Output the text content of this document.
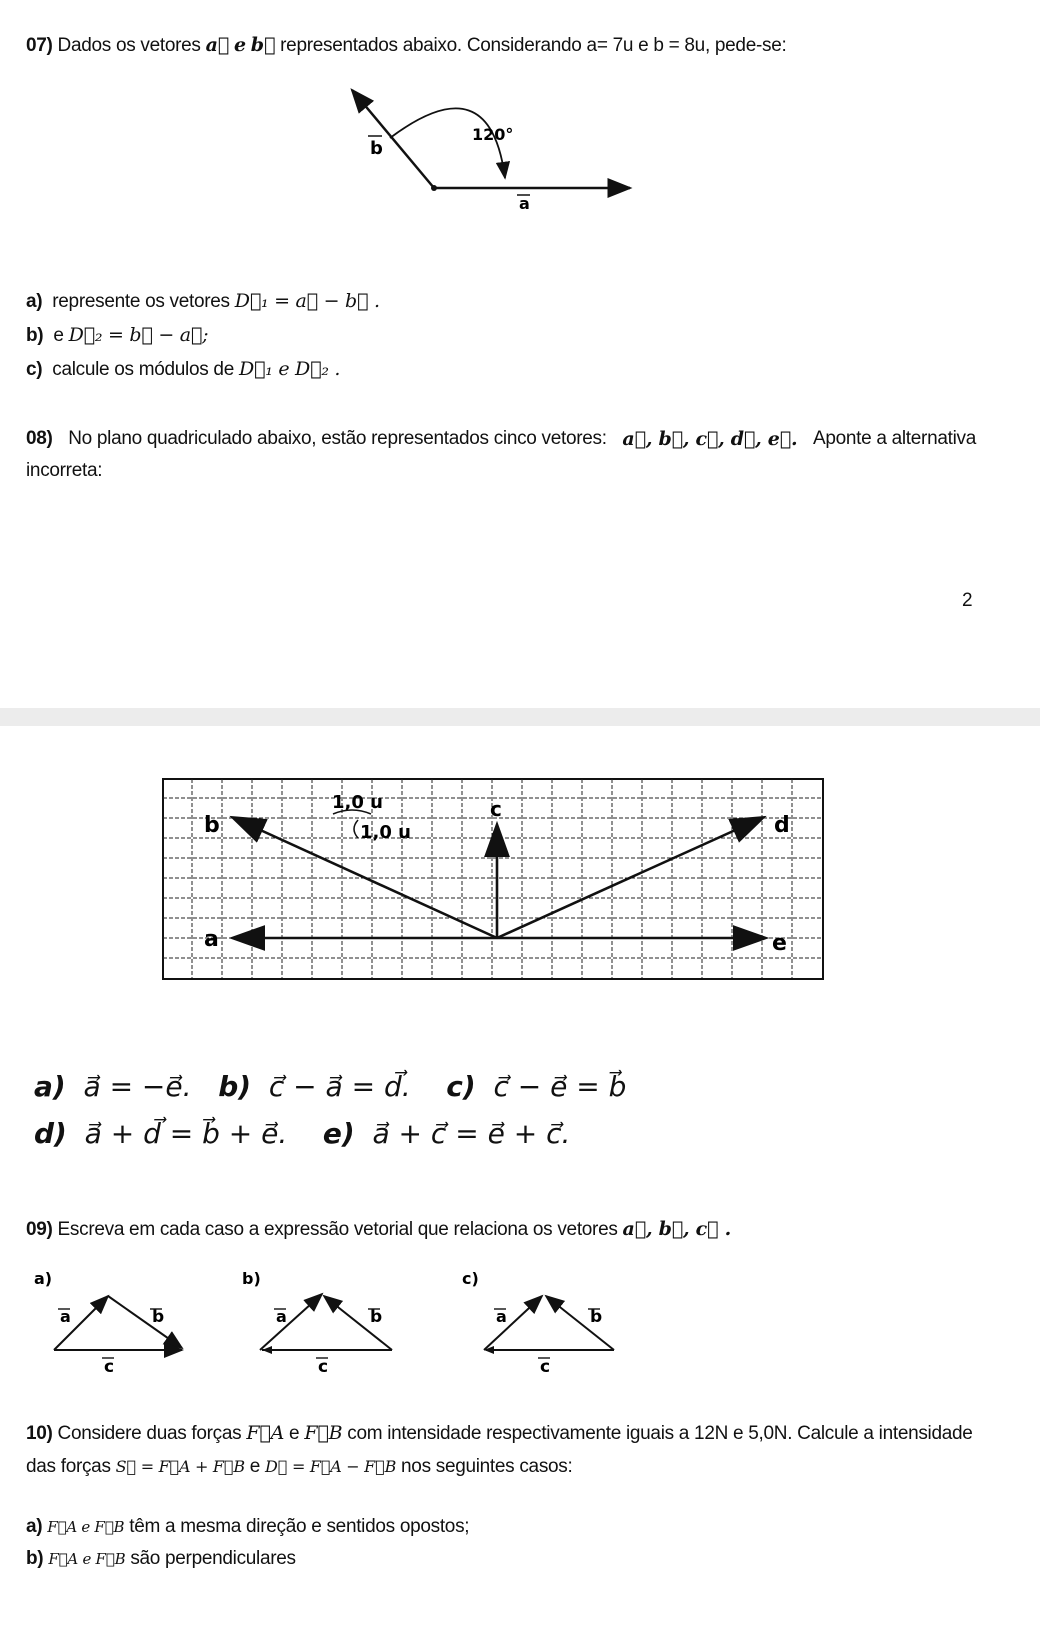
07) Dados os vetores a⃗ e b⃗ representados abaixo. Considerando a= 7u e b = 8u, pede-se:
120°
b
a
a) represente os vetores D⃗₁ = a⃗ − b⃗ .
b) e D⃗₂ = b⃗ − a⃗;
c) calcule os módulos de D⃗₁ e D⃗₂ .
08) No plano quadriculado abaixo, estão representados cinco vetores: a⃗, b⃗, c⃗, d⃗, e⃗. Aponte a alternativa
incorreta:
2
b
c
d
a	e
1,0 u
1,0 u
a) a⃗ = −e⃗. b) c⃗ − a⃗ = d⃗. c) c⃗ − e⃗ = b⃗
d) a⃗ + d⃗ = b⃗ + e⃗. e) a⃗ + c⃗ = e⃗ + c⃗.
09) Escreva em cada caso a expressão vetorial que relaciona os vetores a⃗, b⃗, c⃗ .
a)
a	b
c
b)
a	b
c
c)
a	b
c
10) Considere duas forças F⃗A e F⃗B com intensidade respectivamente iguais a 12N e 5,0N. Calcule a intensidade
das forças S⃗ = F⃗A + F⃗B e D⃗ = F⃗A − F⃗B nos seguintes casos:
a) F⃗A e F⃗B têm a mesma direção e sentidos opostos;
b) F⃗A e F⃗B são perpendiculares
